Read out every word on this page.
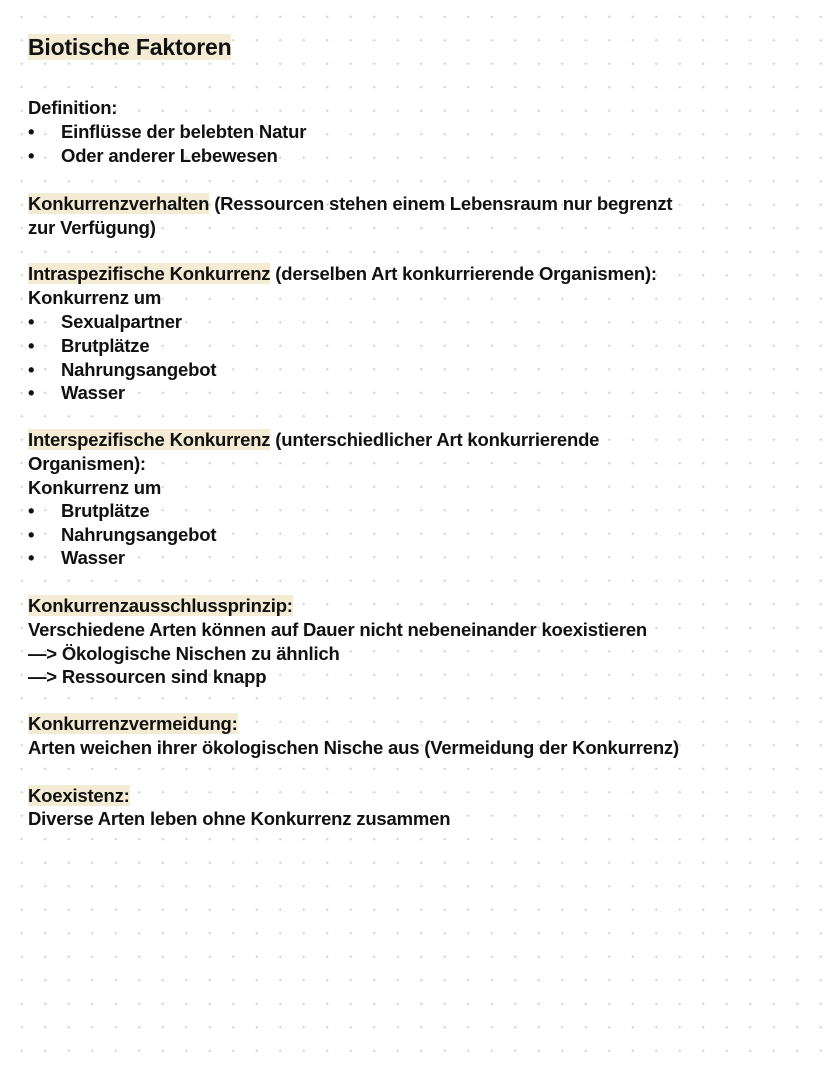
Biotische Faktoren
Definition:
• Einflüsse der belebten Natur
• Oder anderer Lebewesen
Konkurrenzverhalten (Ressourcen stehen einem Lebensraum nur begrenzt
zur Verfügung)
Intraspezifische Konkurrenz (derselben Art konkurrierende Organismen):
Konkurrenz um
• Sexualpartner
• Brutplätze
• Nahrungsangebot
• Wasser
Interspezifische Konkurrenz (unterschiedlicher Art konkurrierende
Organismen):
Konkurrenz um
• Brutplätze
• Nahrungsangebot
• Wasser
Konkurrenzausschlussprinzip:
Verschiedene Arten können auf Dauer nicht nebeneinander koexistieren
—> Ökologische Nischen zu ähnlich
—> Ressourcen sind knapp
Konkurrenzvermeidung:
Arten weichen ihrer ökologischen Nische aus (Vermeidung der Konkurrenz)
Koexistenz:
Diverse Arten leben ohne Konkurrenz zusammen
